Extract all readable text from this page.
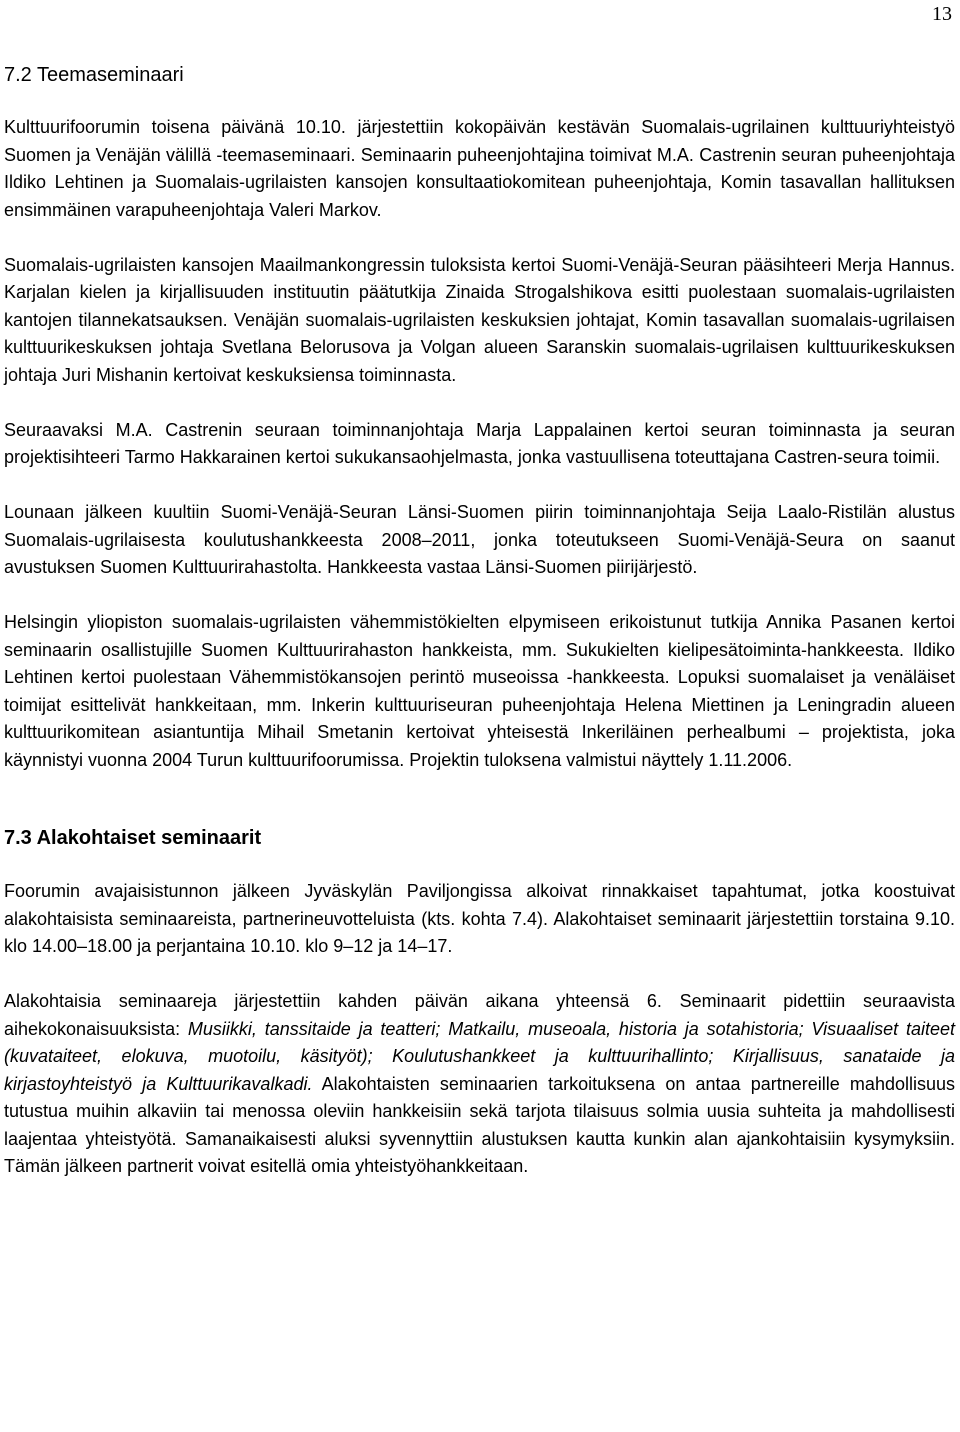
13
7.2 Teemaseminaari

Kulttuurifoorumin toisena päivänä 10.10. järjestettiin kokopäivän kestävän Suomalais-ugrilainen kulttuuriyhteistyö Suomen ja Venäjän välillä -teemaseminaari. Seminaarin puheenjohtajina toimivat M.A. Castrenin seuran puheenjohtaja Ildiko Lehtinen ja Suomalais-ugrilaisten kansojen konsultaatiokomitean puheenjohtaja, Komin tasavallan hallituksen ensimmäinen varapuheenjohtaja Valeri Markov.

Suomalais-ugrilaisten kansojen Maailmankongressin tuloksista kertoi Suomi-Venäjä-Seuran pääsihteeri Merja Hannus. Karjalan kielen ja kirjallisuuden instituutin päätutkija Zinaida Strogalshikova esitti puolestaan suomalais-ugrilaisten kantojen tilannekatsauksen. Venäjän suomalais-ugrilaisten keskuksien johtajat, Komin tasavallan suomalais-ugrilaisen kulttuurikeskuksen johtaja Svetlana Belorusova ja Volgan alueen Saranskin suomalais-ugrilaisen kulttuurikeskuksen johtaja Juri Mishanin kertoivat keskuksiensa toiminnasta.

Seuraavaksi M.A. Castrenin seuraan toiminnanjohtaja Marja Lappalainen kertoi seuran toiminnasta ja seuran projektisihteeri Tarmo Hakkarainen kertoi sukukansaohjelmasta, jonka vastuullisena toteuttajana Castren-seura toimii.

Lounaan jälkeen kuultiin Suomi-Venäjä-Seuran Länsi-Suomen piirin toiminnanjohtaja Seija Laalo-Ristilän alustus Suomalais-ugrilaisesta koulutushankkeesta 2008–2011, jonka toteutukseen Suomi-Venäjä-Seura on saanut avustuksen Suomen Kulttuurirahastolta. Hankkeesta vastaa Länsi-Suomen piirijärjestö.

Helsingin yliopiston suomalais-ugrilaisten vähemmistökielten elpymiseen erikoistunut tutkija Annika Pasanen kertoi seminaarin osallistujille Suomen Kulttuurirahaston hankkeista, mm. Sukukielten kielipesätoiminta-hankkeesta. Ildiko Lehtinen kertoi puolestaan Vähemmistökansojen perintö museoissa -hankkeesta. Lopuksi suomalaiset ja venäläiset toimijat esittelivät hankkeitaan, mm. Inkerin kulttuuriseuran puheenjohtaja Helena Miettinen ja Leningradin alueen kulttuurikomitean asiantuntija Mihail Smetanin kertoivat yhteisestä Inkeriläinen perhealbumi – projektista, joka käynnistyi vuonna 2004 Turun kulttuurifoorumissa. Projektin tuloksena valmistui näyttely 1.11.2006.

7.3 Alakohtaiset seminaarit

Foorumin avajaisistunnon jälkeen Jyväskylän Paviljongissa alkoivat rinnakkaiset tapahtumat, jotka koostuivat alakohtaisista seminaareista, partnerineuvotteluista (kts. kohta 7.4). Alakohtaiset seminaarit järjestettiin torstaina 9.10. klo 14.00–18.00 ja perjantaina 10.10. klo 9–12 ja 14–17.

Alakohtaisia seminaareja järjestettiin kahden päivän aikana yhteensä 6. Seminaarit pidettiin seuraavista aihekokonaisuuksista: Musiikki, tanssitaide ja teatteri; Matkailu, museoala, historia ja sotahistoria; Visuaaliset taiteet (kuvataiteet, elokuva, muotoilu, käsityöt); Koulutushankkeet ja kulttuurihallinto; Kirjallisuus, sanataide ja kirjastoyhteistyö ja Kulttuurikavalkadi. Alakohtaisten seminaarien tarkoituksena on antaa partnereille mahdollisuus tutustua muihin alkaviin tai menossa oleviin hankkeisiin sekä tarjota tilaisuus solmia uusia suhteita ja mahdollisesti laajentaa yhteistyötä. Samanaikaisesti aluksi syvennyttiin alustuksen kautta kunkin alan ajankohtaisiin kysymyksiin. Tämän jälkeen partnerit voivat esitellä omia yhteistyöhankkeitaan.
